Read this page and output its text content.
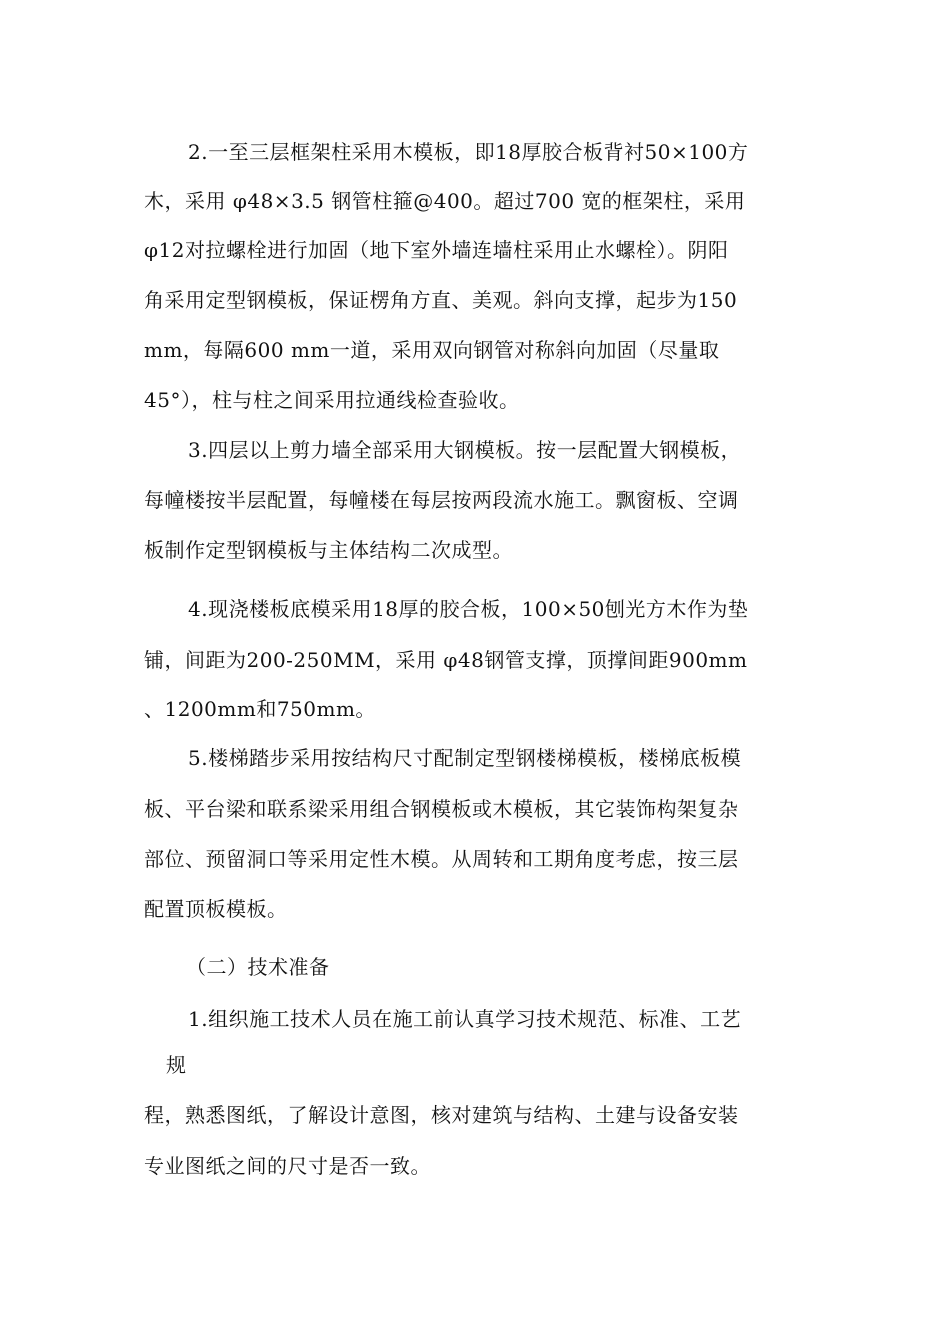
2.一至三层框架柱采用木模板，即18厚胶合板背衬50×100方
木，采用 φ48×3.5 钢管柱箍@400。超过700 宽的框架柱，采用
φ12对拉螺栓进行加固（地下室外墙连墙柱采用止水螺栓）。阴阳
角采用定型钢模板，保证楞角方直、美观。斜向支撑，起步为150
mm，每隔600 mm一道，采用双向钢管对称斜向加固（尽量取
45°），柱与柱之间采用拉通线检查验收。
3.四层以上剪力墙全部采用大钢模板。按一层配置大钢模板，
每幢楼按半层配置，每幢楼在每层按两段流水施工。飘窗板、空调
板制作定型钢模板与主体结构二次成型。
4.现浇楼板底模采用18厚的胶合板，100×50刨光方木作为垫
铺，间距为200-250MM，采用 φ48钢管支撑，顶撑间距900mm
、1200mm和750mm。
5.楼梯踏步采用按结构尺寸配制定型钢楼梯模板，楼梯底板模
板、平台梁和联系梁采用组合钢模板或木模板，其它装饰构架复杂
部位、预留洞口等采用定性木模。从周转和工期角度考虑，按三层
配置顶板模板。
（二）技术准备
1.组织施工技术人员在施工前认真学习技术规范、标准、工艺
规
程，熟悉图纸，了解设计意图，核对建筑与结构、土建与设备安装
专业图纸之间的尺寸是否一致。
